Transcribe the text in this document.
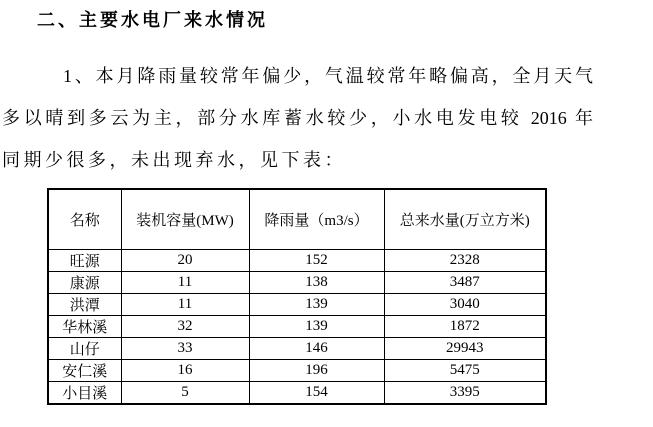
二、主要水电厂来水情况
1、本月降雨量较常年偏少，气温较常年略偏高，全月天气
多以晴到多云为主，部分水库蓄水较少，小水电发电较 2016 年
同期少很多，未出现弃水，见下表：
名称	装机容量(MW)	降雨量（m3/s）	总来水量(万立方米)
旺源	20	152	2328
康源	11	138	3487
洪潭	11	139	3040
华林溪	32	139	1872
山仔	33	146	29943
安仁溪	16	196	5475
小目溪	5	154	3395
